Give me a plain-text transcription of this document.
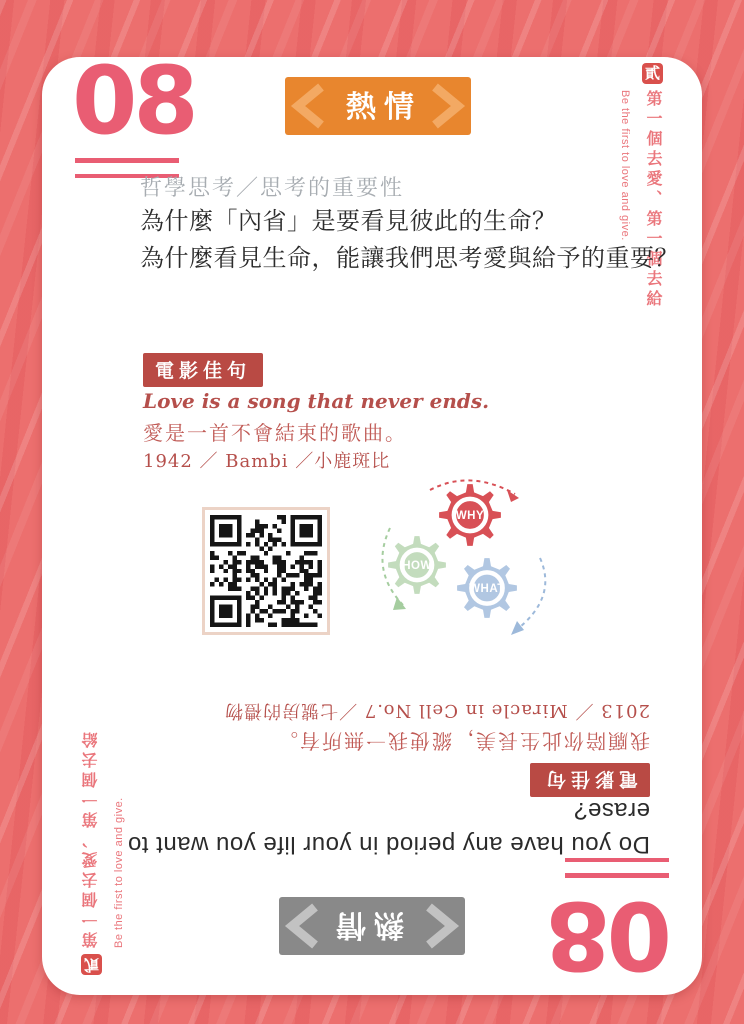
08	熱情
貳
第一個去愛、第一個去給
Be the first to love and give.
哲學思考／思考的重要性
為什麼「內省」是要看見彼此的生命？
為什麼看見生命，能讓我們思考愛與給予的重要？
電影佳句
Love is a song that never ends.
愛是一首不會結束的歌曲。
1942 ／ Bambi ／小鹿斑比
HOW
WHAT
WHY
08
熱情
貳
第一個去愛、第一個去給 Be the first to love and give. Do you have any period in your life you want to
erase?
電影佳句
我願陪你此生長美，縱使我一無所有。
2013 ／ Miracle in Cell No.7 ／七號房的禮物
